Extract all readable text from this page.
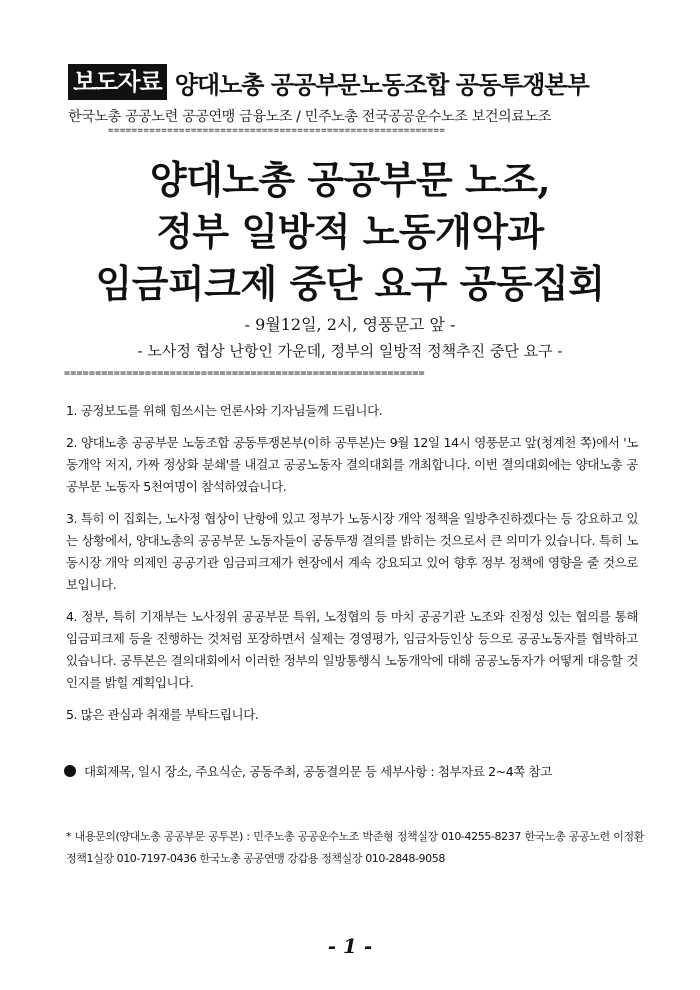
보도자료 양대노총 공공부문노동조합 공동투쟁본부
한국노총 공공노련 공공연맹 금융노조 / 민주노총 전국공공운수노조 보건의료노조
=========================================================
양대노총 공공부문 노조,
정부 일방적 노동개악과
임금피크제 중단 요구 공동집회
- 9월12일, 2시, 영풍문고 앞 -
- 노사정 협상 난항인 가운데, 정부의 일방적 정책추진 중단 요구 -
==========================================================

1. 공정보도를 위해 힘쓰시는 언론사와 기자님들께 드립니다.

2. 양대노총 공공부문 노동조합 공동투쟁본부(이하 공투본)는 9월 12일 14시 영풍문고 앞(청계천 쪽)에서 '노동개악 저지, 가짜 정상화 분쇄'를 내걸고 공공노동자 결의대회를 개최합니다. 이번 결의대회에는 양대노총 공공부문 노동자 5천여명이 참석하였습니다.

3. 특히 이 집회는, 노사정 협상이 난항에 있고 정부가 노동시장 개악 정책을 일방추진하겠다는 등 강요하고 있는 상황에서, 양대노총의 공공부문 노동자들이 공동투쟁 결의를 밝히는 것으로서 큰 의미가 있습니다. 특히 노동시장 개악 의제인 공공기관 임금피크제가 현장에서 계속 강요되고 있어 향후 정부 정책에 영향을 줄 것으로 보입니다.

4. 정부, 특히 기재부는 노사정위 공공부문 특위, 노정협의 등 마치 공공기관 노조와 진정성 있는 협의를 통해 임금피크제 등을 진행하는 것처럼 포장하면서 실제는 경영평가, 임금차등인상 등으로 공공노동자를 협박하고 있습니다. 공투본은 결의대회에서 이러한 정부의 일방통행식 노동개악에 대해 공공노동자가 어떻게 대응할 것인지를 밝힐 계획입니다.

5. 많은 관심과 취재를 부탁드립니다.

대회제목, 일시 장소, 주요식순, 공동주최, 공동결의문 등 세부사항 : 첨부자료 2~4쪽 참고
* 내용문의(양대노총 공공부문 공투본) : 민주노총 공공운수노조 박준형 정책실장 010-4255-8237 한국노총 공공노련 이정환 정책1실장 010-7197-0436 한국노총 공공연맹 강갑용 정책실장 010-2848-9058
- 1 -
